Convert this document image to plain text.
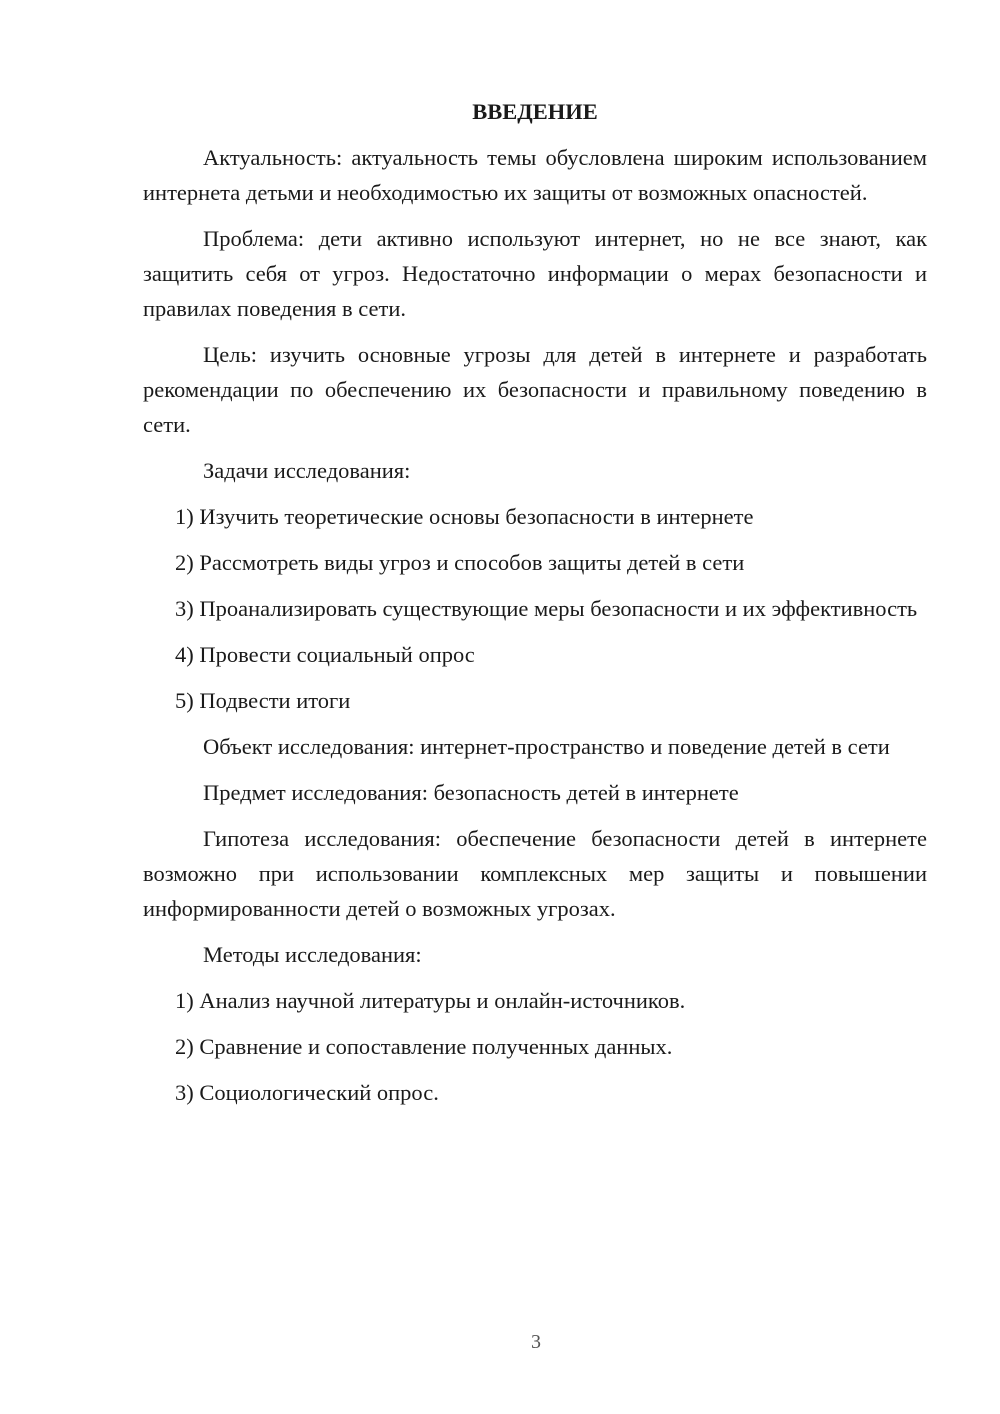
ВВЕДЕНИЕ

Актуальность: актуальность темы обусловлена широким использованием интернета детьми и необходимостью их защиты от возможных опасностей.

Проблема: дети активно используют интернет, но не все знают, как защитить себя от угроз. Недостаточно информации о мерах безопасности и правилах поведения в сети.

Цель: изучить основные угрозы для детей в интернете и разработать рекомендации по обеспечению их безопасности и правильному поведению в сети.

Задачи исследования:

1) Изучить теоретические основы безопасности в интернете

2) Рассмотреть виды угроз и способов защиты детей в сети

3) Проанализировать существующие меры безопасности и их эффективность

4) Провести социальный опрос

5) Подвести итоги

Объект исследования: интернет-пространство и поведение детей в сети

Предмет исследования: безопасность детей в интернете

Гипотеза исследования: обеспечение безопасности детей в интернете возможно при использовании комплексных мер защиты и повышении информированности детей о возможных угрозах.

Методы исследования:

1) Анализ научной литературы и онлайн-источников.

2) Сравнение и сопоставление полученных данных.

3) Социологический опрос.

3
